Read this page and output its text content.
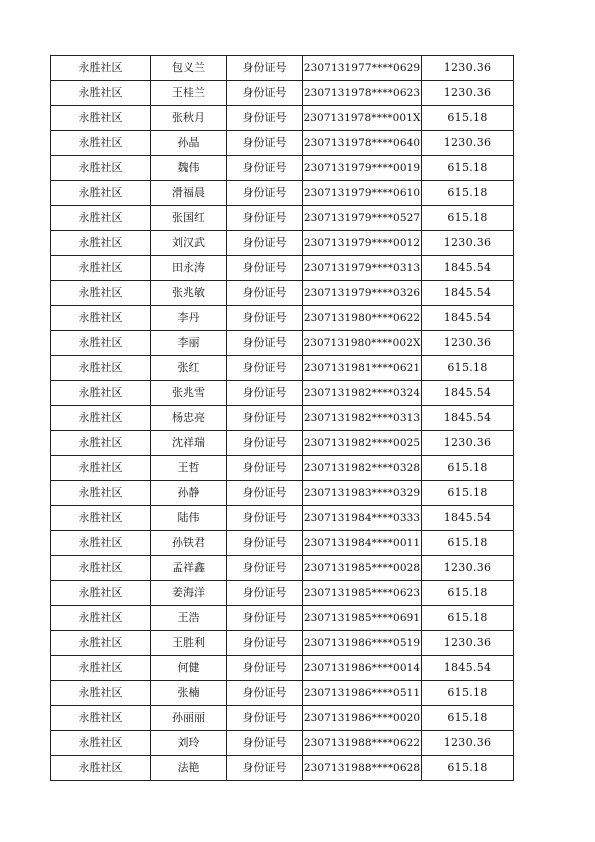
永胜社区	包义兰	身份证号	2307131977****0629	1230.36
永胜社区	王桂兰	身份证号	2307131978****0623	1230.36
永胜社区	张秋月	身份证号	2307131978****001X	615.18
永胜社区	孙晶	身份证号	2307131978****0640	1230.36
永胜社区	魏伟	身份证号	2307131979****0019	615.18
永胜社区	滑福晨	身份证号	2307131979****0610	615.18
永胜社区	张国红	身份证号	2307131979****0527	615.18
永胜社区	刘汉武	身份证号	2307131979****0012	1230.36
永胜社区	田永涛	身份证号	2307131979****0313	1845.54
永胜社区	张兆敏	身份证号	2307131979****0326	1845.54
永胜社区	李丹	身份证号	2307131980****0622	1845.54
永胜社区	李丽	身份证号	2307131980****002X	1230.36
永胜社区	张红	身份证号	2307131981****0621	615.18
永胜社区	张兆雪	身份证号	2307131982****0324	1845.54
永胜社区	杨忠亮	身份证号	2307131982****0313	1845.54
永胜社区	沈祥瑞	身份证号	2307131982****0025	1230.36
永胜社区	王哲	身份证号	2307131982****0328	615.18
永胜社区	孙静	身份证号	2307131983****0329	615.18
永胜社区	陆伟	身份证号	2307131984****0333	1845.54
永胜社区	孙铁君	身份证号	2307131984****0011	615.18
永胜社区	孟祥鑫	身份证号	2307131985****0028	1230.36
永胜社区	姜海洋	身份证号	2307131985****0623	615.18
永胜社区	王浩	身份证号	2307131985****0691	615.18
永胜社区	王胜利	身份证号	2307131986****0519	1230.36
永胜社区	何健	身份证号	2307131986****0014	1845.54
永胜社区	张楠	身份证号	2307131986****0511	615.18
永胜社区	孙丽丽	身份证号	2307131986****0020	615.18
永胜社区	刘玲	身份证号	2307131988****0622	1230.36
永胜社区	法艳	身份证号	2307131988****0628	615.18
